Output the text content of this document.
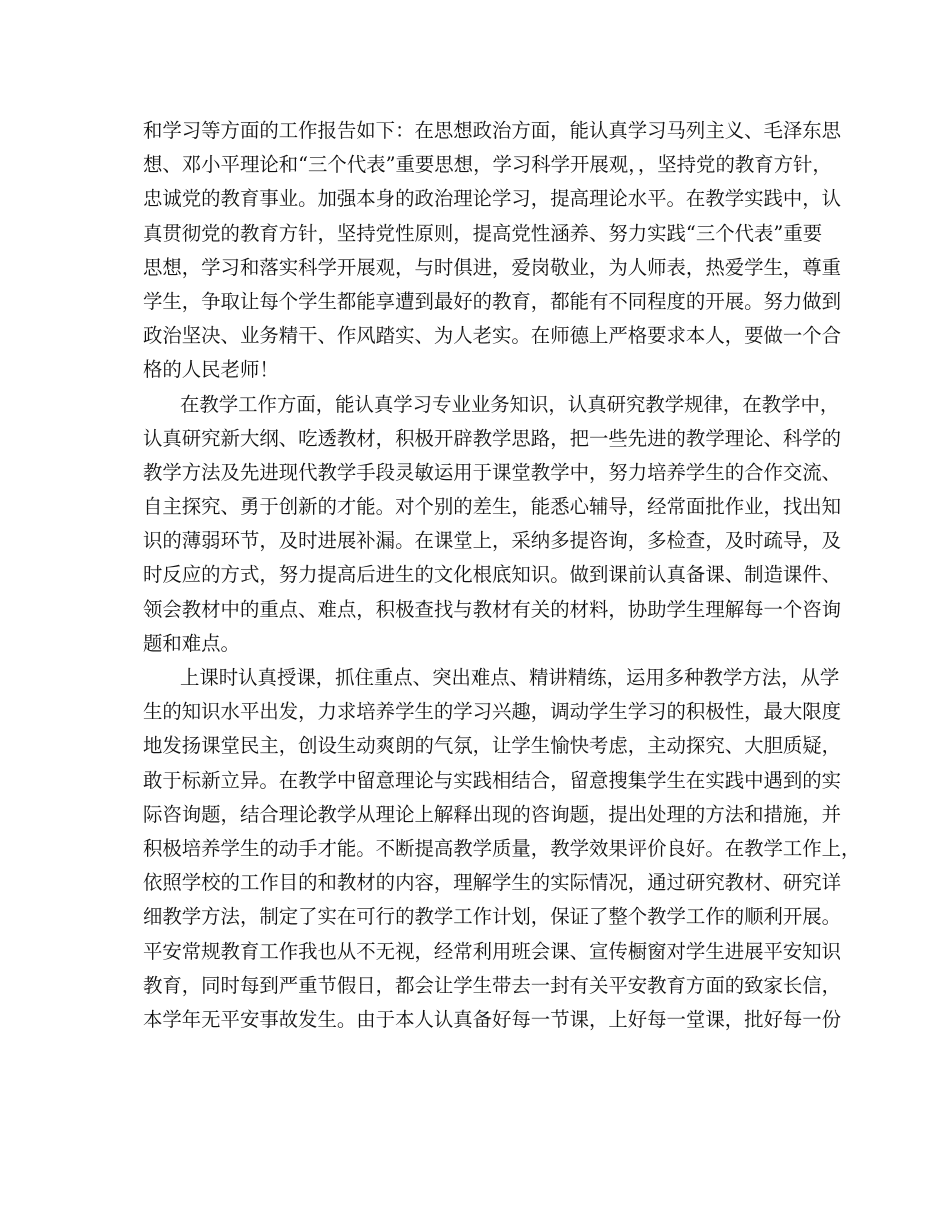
和学习等方面的工作报告如下：在思想政治方面，能认真学习马列主义、毛泽东思
想、邓小平理论和“三个代表”重要思想，学习科学开展观，，坚持党的教育方针，
忠诚党的教育事业。加强本身的政治理论学习，提高理论水平。在教学实践中，认
真贯彻党的教育方针，坚持党性原则，提高党性涵养、努力实践“三个代表”重要
思想，学习和落实科学开展观，与时俱进，爱岗敬业，为人师表，热爱学生，尊重
学生，争取让每个学生都能享遭到最好的教育，都能有不同程度的开展。努力做到
政治坚决、业务精干、作风踏实、为人老实。在师德上严格要求本人，要做一个合
格的人民老师！
在教学工作方面，能认真学习专业业务知识，认真研究教学规律，在教学中，
认真研究新大纲、吃透教材，积极开辟教学思路，把一些先进的教学理论、科学的
教学方法及先进现代教学手段灵敏运用于课堂教学中，努力培养学生的合作交流、
自主探究、勇于创新的才能。对个别的差生，能悉心辅导，经常面批作业，找出知
识的薄弱环节，及时进展补漏。在课堂上，采纳多提咨询，多检查，及时疏导，及
时反应的方式，努力提高后进生的文化根底知识。做到课前认真备课、制造课件、
领会教材中的重点、难点，积极查找与教材有关的材料，协助学生理解每一个咨询
题和难点。
上课时认真授课，抓住重点、突出难点、精讲精练，运用多种教学方法，从学
生的知识水平出发，力求培养学生的学习兴趣，调动学生学习的积极性，最大限度
地发扬课堂民主，创设生动爽朗的气氛，让学生愉快考虑，主动探究、大胆质疑，
敢于标新立异。在教学中留意理论与实践相结合，留意搜集学生在实践中遇到的实
际咨询题，结合理论教学从理论上解释出现的咨询题，提出处理的方法和措施，并
积极培养学生的动手才能。不断提高教学质量，教学效果评价良好。在教学工作上，
依照学校的工作目的和教材的内容，理解学生的实际情况，通过研究教材、研究详
细教学方法，制定了实在可行的教学工作计划，保证了整个教学工作的顺利开展。
平安常规教育工作我也从不无视，经常利用班会课、宣传橱窗对学生进展平安知识
教育，同时每到严重节假日，都会让学生带去一封有关平安教育方面的致家长信，
本学年无平安事故发生。由于本人认真备好每一节课，上好每一堂课，批好每一份
